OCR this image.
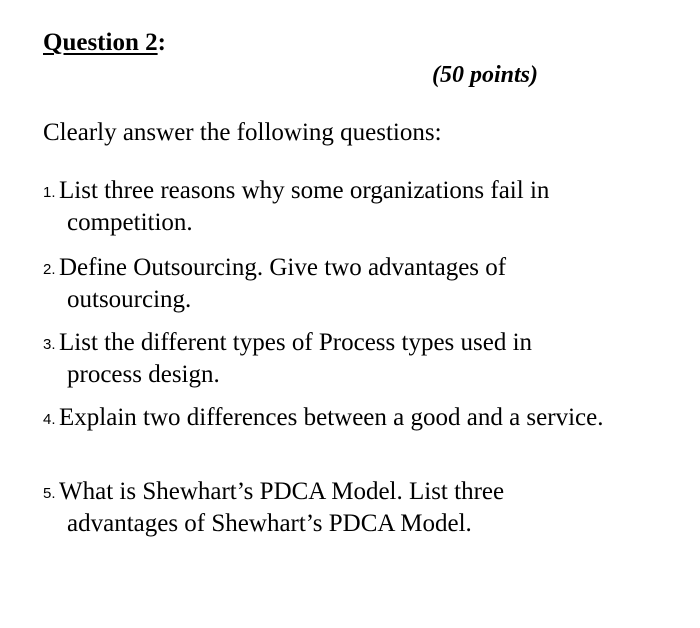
Question 2:
(50 points)
Clearly answer the following questions:
1. List three reasons why some organizations fail in
competition.
2. Define Outsourcing. Give two advantages of
outsourcing.
3. List the different types of Process types used in
process design.
4. Explain two differences between a good and a service.
5. What is Shewhart’s PDCA Model. List three
advantages of Shewhart’s PDCA Model.
